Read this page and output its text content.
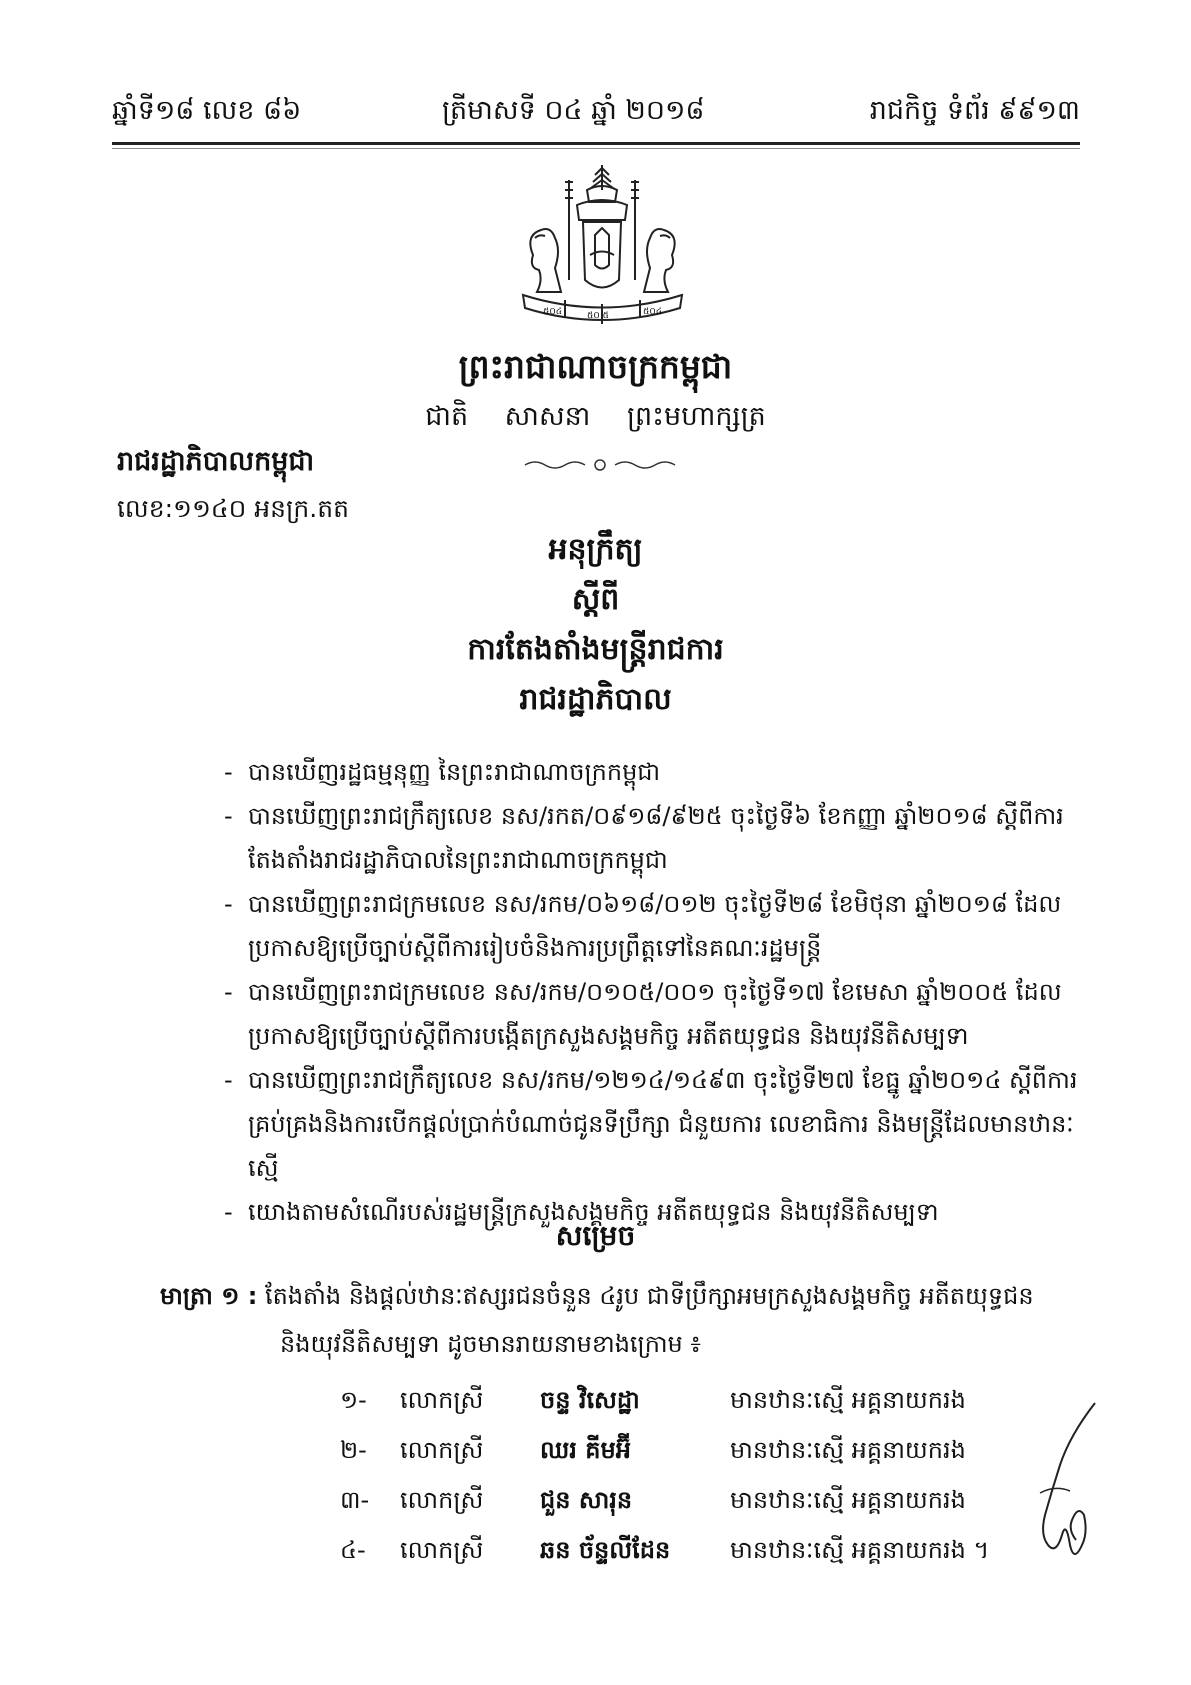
ឆ្នាំទី១៨ លេខ ៨៦	ត្រីមាសទី ០៤ ឆ្នាំ ២០១៨	រាជកិច្ច ទំព័រ ៩៩១៣
៥០៤	៥០ ៥	៥០៤
ព្រះរាជាណាចក្រកម្ពុជា
ជាតិ សាសនា ព្រះមហាក្សត្រ
រាជរដ្ឋាភិបាលកម្ពុជា
លេខ:១១៤០ អនក្រ.តត
អនុក្រឹត្យ
ស្តីពី
ការតែងតាំងមន្ត្រីរាជការ
រាជរដ្ឋាភិបាល
- បានឃើញរដ្ឋធម្មនុញ្ញ នៃព្រះរាជាណាចក្រកម្ពុជា
- បានឃើញព្រះរាជក្រឹត្យលេខ នស/រកត/០៩១៨/៩២៥ ចុះថ្ងៃទី៦ ខែកញ្ញា ឆ្នាំ២០១៨ ស្តីពីការតែងតាំងរាជរដ្ឋាភិបាលនៃព្រះរាជាណាចក្រកម្ពុជា
- បានឃើញព្រះរាជក្រមលេខ នស/រកម/០៦១៨/០១២ ចុះថ្ងៃទី២៨ ខែមិថុនា ឆ្នាំ២០១៨ ដែលប្រកាសឱ្យប្រើច្បាប់ស្តីពីការរៀបចំនិងការប្រព្រឹត្តទៅនៃគណៈរដ្ឋមន្ត្រី
- បានឃើញព្រះរាជក្រមលេខ នស/រកម/០១០៥/០០១ ចុះថ្ងៃទី១៧ ខែមេសា ឆ្នាំ២០០៥ ដែលប្រកាសឱ្យប្រើច្បាប់ស្តីពីការបង្កើតក្រសួងសង្គមកិច្ច អតីតយុទ្ធជន និងយុវនីតិសម្បទា
- បានឃើញព្រះរាជក្រឹត្យលេខ នស/រកម/១២១៤/១៤៩៣ ចុះថ្ងៃទី២៧ ខែធ្នូ ឆ្នាំ២០១៤ ស្តីពីការគ្រប់គ្រងនិងការបើកផ្តល់ប្រាក់បំណាច់ជូនទីប្រឹក្សា ជំនួយការ លេខាធិការ និងមន្ត្រីដែលមានឋានៈស្មើ
- យោងតាមសំណើរបស់រដ្ឋមន្ត្រីក្រសួងសង្គមកិច្ច អតីតយុទ្ធជន និងយុវនីតិសម្បទា
សម្រេច
មាត្រា ១ : តែងតាំង និងផ្តល់ឋានៈឥស្សរជនចំនួន ៤រូប ជាទីប្រឹក្សាអមក្រសួងសង្គមកិច្ច អតីតយុទ្ធជន
និងយុវនីតិសម្បទា ដូចមានរាយនាមខាងក្រោម ៖
១- លោកស្រី ចន្ទ វិសេដ្ឋា	មានឋានៈស្មើ អគ្គនាយករង
២- លោកស្រី ឈរ គីមអ៊ី	មានឋានៈស្មើ អគ្គនាយករង
៣- លោកស្រី ជួន សារុន	មានឋានៈស្មើ អគ្គនាយករង
៤- លោកស្រី ឆន ច័ន្ទលីដែន មានឋានៈស្មើ អគ្គនាយករង ។
